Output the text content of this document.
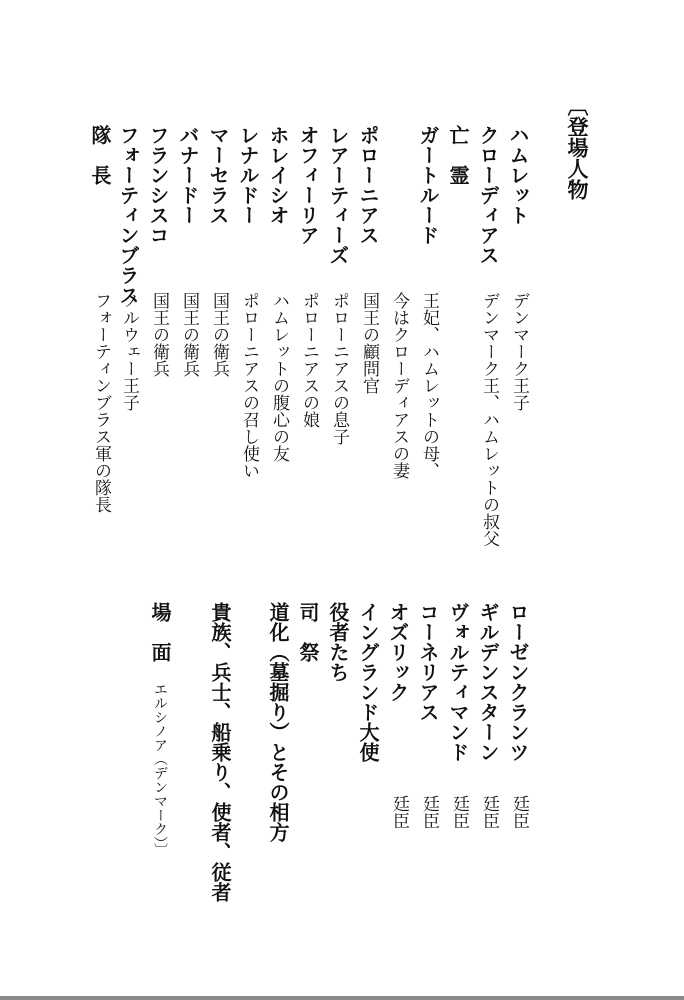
〔登場人物
ハムレット
クローディアス
亡　霊
ガートルード
ポローニアス
レアーティーズ
オフィーリア
ホレイシオ
レナルドー
マーセラス
バナードー
フランシスコ
フォーティンブラス
隊　長
デンマーク王子
デンマーク王、ハムレットの叔父
王妃、ハムレットの母、
今はクローディアスの妻
国王の顧問官
ポローニアスの息子
ポローニアスの娘
ハムレットの腹心の友
ポローニアスの召し使い
国王の衛兵
国王の衛兵
国王の衛兵
ノルウェー王子
フォーティンブラス軍の隊長
ローゼンクランツ
ギルデンスターン
ヴォルティマンド
コーネリアス
オズリック
イングランド大使
役者たち
司　祭
道化（墓掘り）とその相方
貴族、兵士、船乗り、使者、従者
場　面
廷臣
廷臣
廷臣
廷臣
廷臣
エルシノア（デンマーク）〕
